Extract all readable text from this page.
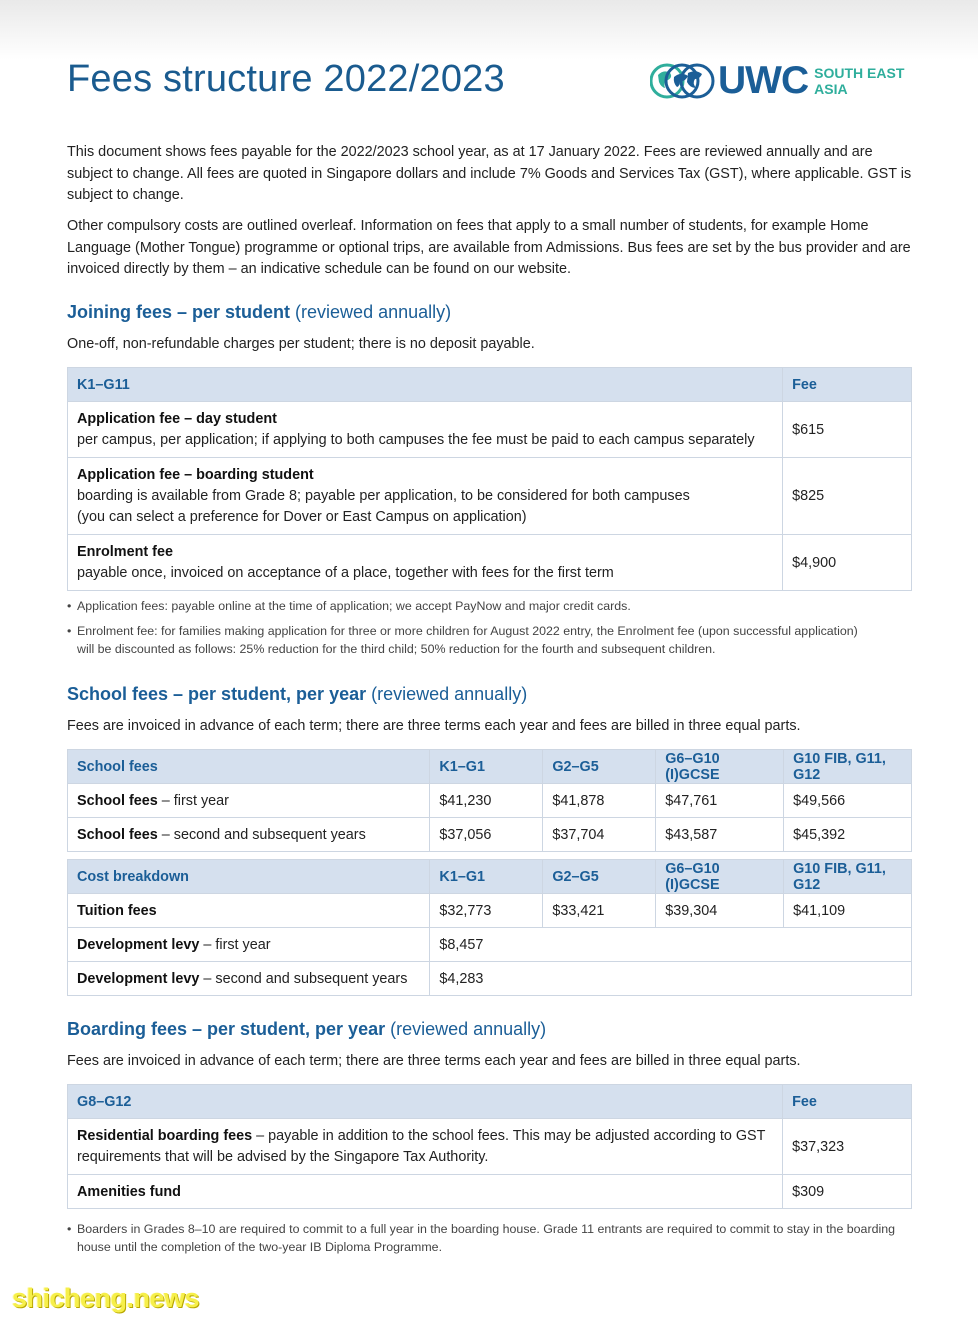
Fees structure 2022/2023	UWC SOUTH EAST
ASIA

This document shows fees payable for the 2022/2023 school year, as at 17 January 2022. Fees are reviewed annually and are subject to change. All fees are quoted in Singapore dollars and include 7% Goods and Services Tax (GST), where applicable. GST is subject to change.

Other compulsory costs are outlined overleaf. Information on fees that apply to a small number of students, for example Home Language (Mother Tongue) programme or optional trips, are available from Admissions. Bus fees are set by the bus provider and are invoiced directly by them – an indicative schedule can be found on our website.

Joining fees – per student (reviewed annually)
One-off, non-refundable charges per student; there is no deposit payable.
K1–G11	Fee
Application fee – day student
per campus, per application; if applying to both campuses the fee must be paid to each campus separately	$615
Application fee – boarding student
boarding is available from Grade 8; payable per application, to be considered for both campuses
(you can select a preference for Dover or East Campus on application)	$825
Enrolment fee
payable once, invoiced on acceptance of a place, together with fees for the first term	$4,900
• Application fees: payable online at the time of application; we accept PayNow and major credit cards.
• Enrolment fee: for families making application for three or more children for August 2022 entry, the Enrolment fee (upon successful application) will be discounted as follows: 25% reduction for the third child; 50% reduction for the fourth and subsequent children.
School fees – per student, per year (reviewed annually)
Fees are invoiced in advance of each term; there are three terms each year and fees are billed in three equal parts.
School fees	K1–G1	G2–G5	G6–G10 (I)GCSE	G10 FIB, G11, G12
School fees – first year	$41,230	$41,878	$47,761	$49,566
School fees – second and subsequent years	$37,056	$37,704	$43,587	$45,392
Cost breakdown	K1–G1	G2–G5	G6–G10 (I)GCSE	G10 FIB, G11, G12
Tuition fees	$32,773	$33,421	$39,304	$41,109
Development levy – first year	$8,457			
Development levy – second and subsequent years	$4,283			
Boarding fees – per student, per year (reviewed annually)
Fees are invoiced in advance of each term; there are three terms each year and fees are billed in three equal parts.
G8–G12	Fee
Residential boarding fees – payable in addition to the school fees. This may be adjusted according to GST
requirements that will be advised by the Singapore Tax Authority.	$37,323
Amenities fund	$309
• Boarders in Grades 8–10 are required to commit to a full year in the boarding house. Grade 11 entrants are required to commit to stay in the boarding house until the completion of the two-year IB Diploma Programme.
shicheng.news
